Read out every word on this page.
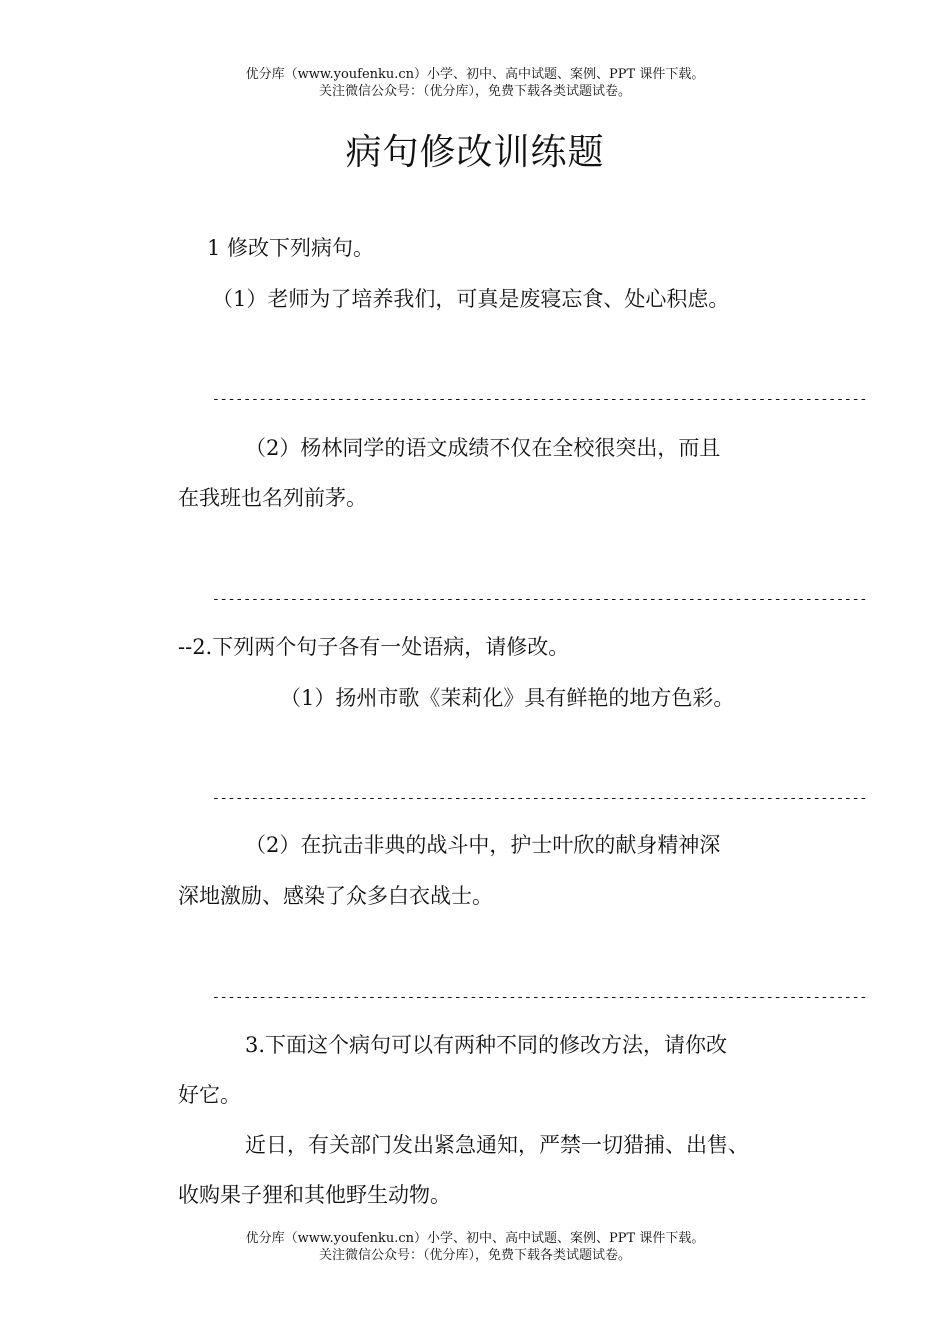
优分库（www.youfenku.cn）小学、初中、高中试题、案例、PPT 课件下载。
关注微信公众号：（优分库），免费下载各类试题试卷。
病句修改训练题
1 修改下列病句。
（1）老师为了培养我们，可真是废寝忘食、处心积虑。
------------------------------------------------------------------------------------
（2）杨林同学的语文成绩不仅在全校很突出，而且
在我班也名列前茅。
------------------------------------------------------------------------------------
--2.下列两个句子各有一处语病，请修改。
（1）扬州市歌《茉莉化》具有鲜艳的地方色彩。
------------------------------------------------------------------------------------
（2）在抗击非典的战斗中，护士叶欣的献身精神深
深地激励、感染了众多白衣战士。
------------------------------------------------------------------------------------
3.下面这个病句可以有两种不同的修改方法，请你改
好它。
近日，有关部门发出紧急通知，严禁一切猎捕、出售、
收购果子狸和其他野生动物。
优分库（www.youfenku.cn）小学、初中、高中试题、案例、PPT 课件下载。
关注微信公众号：（优分库），免费下载各类试题试卷。
